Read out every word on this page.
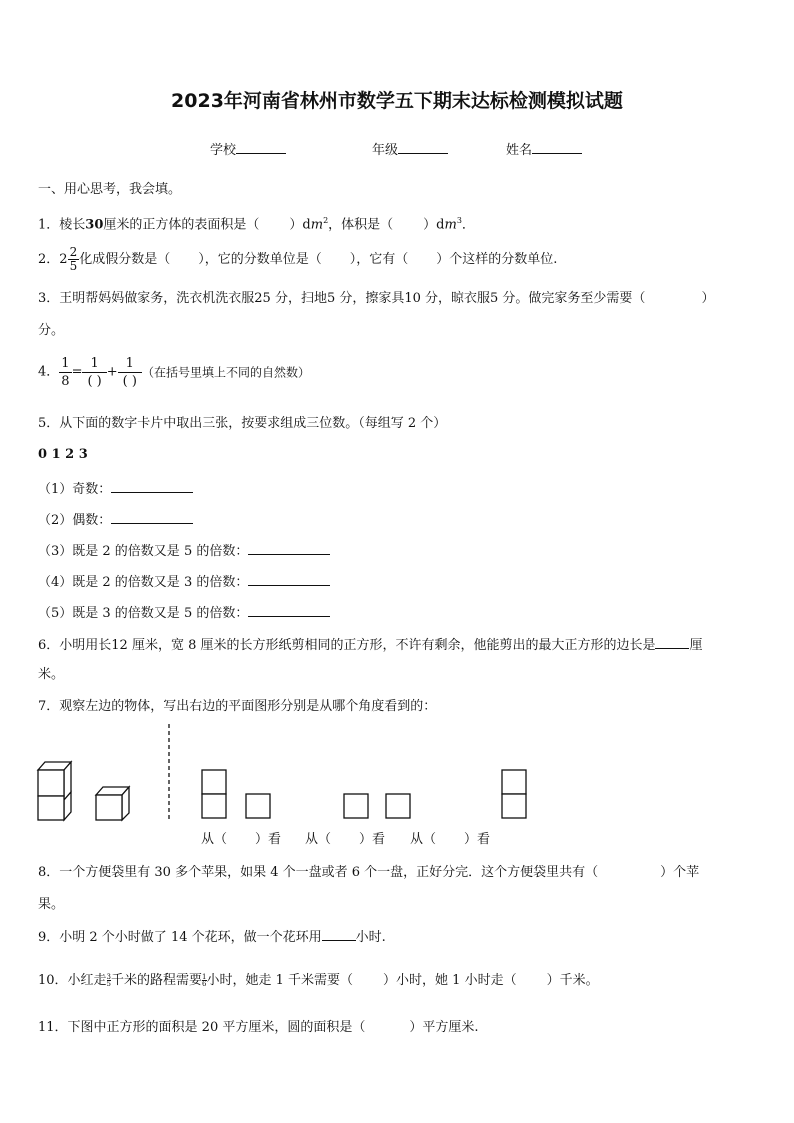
2023年河南省林州市数学五下期末达标检测模拟试题
学校	年级	姓名
一、用心思考，我会填。
1．棱长30厘米的正方体的表面积是（ ）$dm^2$，体积是（ ）$dm^3$．
2．$2 \frac{2}{5}$ 化成假分数是（ ），它的分数单位是（ ），它有（ ）个这样的分数单位.
3．王明帮妈妈做家务，洗衣机洗衣服25 分，扫地5 分，擦家具10 分，晾衣服5 分。做完家务至少需要（	）
分。
4． $\frac{1}{8} = \frac{1}{( )} + \frac{1}{( )}$ （在括号里填上不同的自然数）
5．从下面的数字卡片中取出三张，按要求组成三位数。（每组写 2 个）
0 1 2 3
（1）奇数：
（2）偶数：
（3）既是 2 的倍数又是 5 的倍数：
（4）既是 2 的倍数又是 3 的倍数：
（5）既是 3 的倍数又是 5 的倍数：
6．小明用长12 厘米，宽 8 厘米的长方形纸剪相同的正方形，不许有剩余，他能剪出的最大正方形的边长是	厘
米。
7．观察左边的物体，写出右边的平面图形分别是从哪个角度看到的：
从（ ）看 从（ ）看 从（ ）看
8．一个方便袋里有 30 多个苹果，如果 4 个一盘或者 6 个一盘，正好分完．这个方便袋里共有（	）个苹
果。
9．小明 2 个小时做了 14 个花环，做一个花环用	小时.
10．小红走 $\frac{3}{5}$ 千米的路程需要 $\frac{1}{6}$ 小时，她走 1 千米需要（ ）小时，她 1 小时走（ ）千米。
11．下图中正方形的面积是 20 平方厘米，圆的面积是（	）平方厘米.
